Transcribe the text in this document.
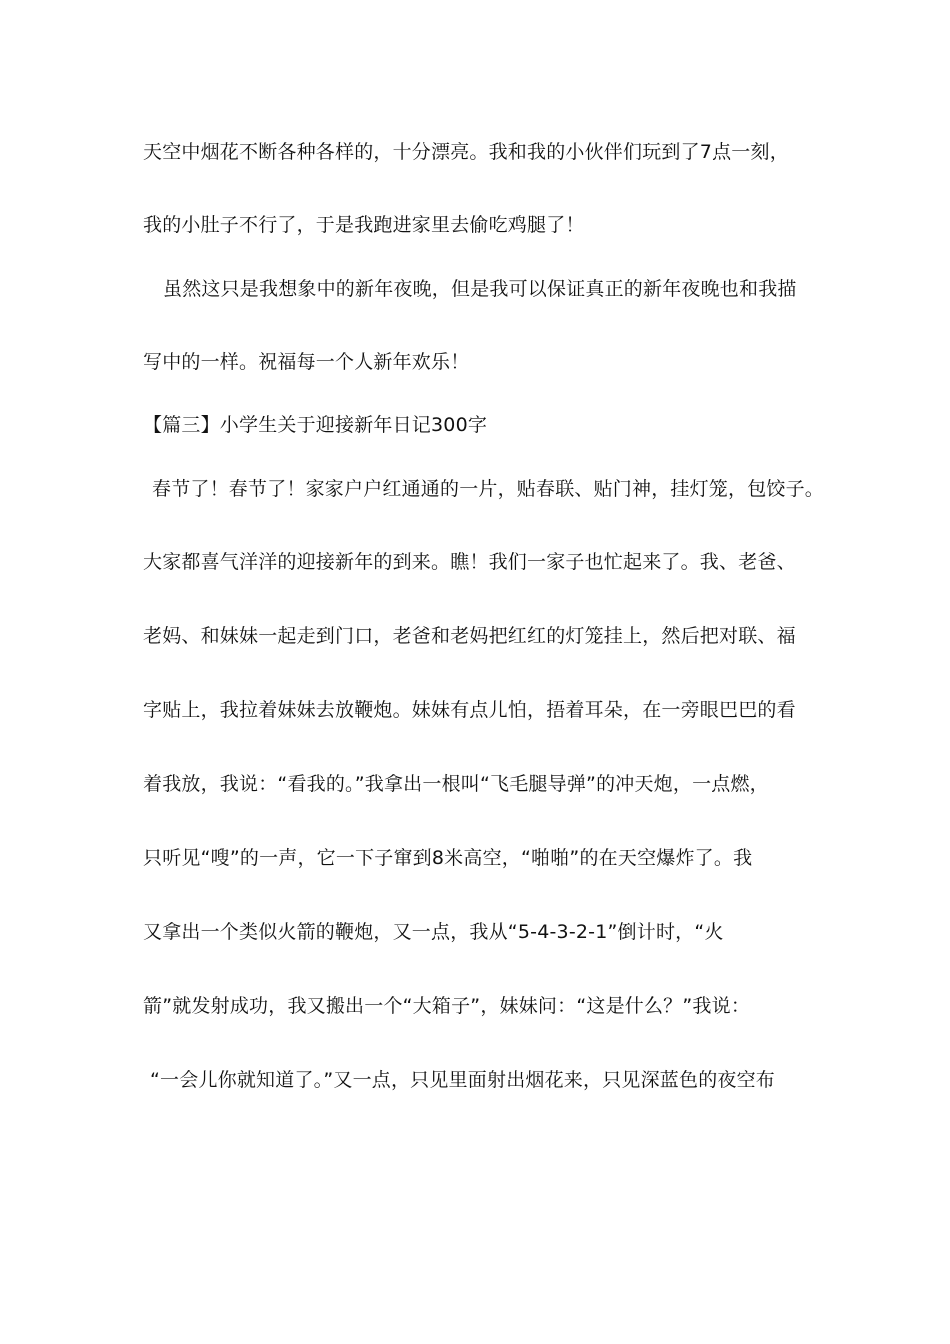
天空中烟花不断各种各样的，十分漂亮。我和我的小伙伴们玩到了7点一刻，
我的小肚子不行了，于是我跑进家里去偷吃鸡腿了！
虽然这只是我想象中的新年夜晚，但是我可以保证真正的新年夜晚也和我描
写中的一样。祝福每一个人新年欢乐！
【篇三】小学生关于迎接新年日记300字
春节了！春节了！家家户户红通通的一片，贴春联、贴门神，挂灯笼，包饺子。
大家都喜气洋洋的迎接新年的到来。瞧！我们一家子也忙起来了。我、老爸、
老妈、和妹妹一起走到门口，老爸和老妈把红红的灯笼挂上，然后把对联、福
字贴上，我拉着妹妹去放鞭炮。妹妹有点儿怕，捂着耳朵，在一旁眼巴巴的看
着我放，我说：“看我的。”我拿出一根叫“飞毛腿导弹”的冲天炮，一点燃，
只听见“嗖”的一声，它一下子窜到8米高空，“啪啪”的在天空爆炸了。我
又拿出一个类似火箭的鞭炮，又一点，我从“5-4-3-2-1”倒计时，“火
箭”就发射成功，我又搬出一个“大箱子”，妹妹问：“这是什么？”我说：
“一会儿你就知道了。”又一点，只见里面射出烟花来，只见深蓝色的夜空布
